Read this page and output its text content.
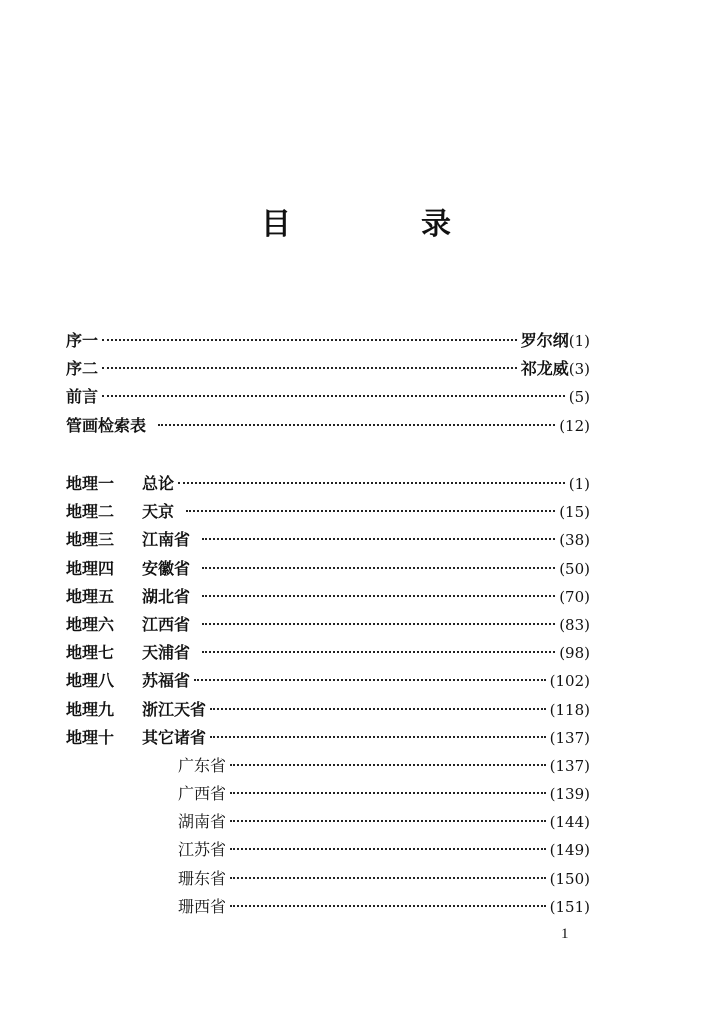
目　录
序一	罗尔纲 (1)
序二	祁龙威 (3)
前言	(5)
管画检索表	(12)
地理一	总论	(1)
地理二	天京	(15)
地理三	江南省	(38)
地理四	安徽省	(50)
地理五	湖北省	(70)
地理六	江西省	(83)
地理七	天浦省	(98)
地理八	苏福省	(102)
地理九	浙江天省	(118)
地理十	其它诸省	(137)
广东省	(137)
广西省	(139)
湖南省	(144)
江苏省	(149)
珊东省	(150)
珊西省	(151)
1
